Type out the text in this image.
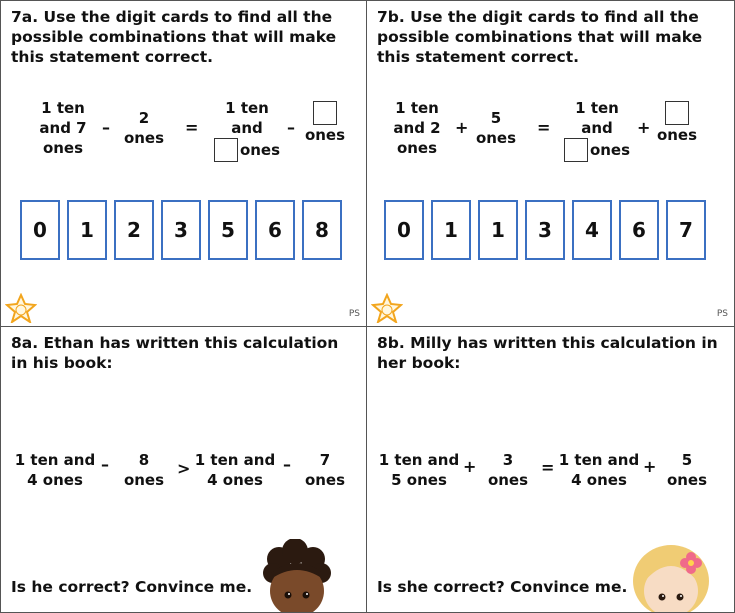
7a. Use the digit cards to find all the possible combinations that will make this statement correct.
1 ten
and 7
ones
–	2
ones
=
1 ten
and
ones
– ones
0	1	2	3	5	6	8
PS
7b. Use the digit cards to find all the possible combinations that will make this statement correct.
1 ten
and 2
ones
+	5
ones
=
1 ten
and
ones
+ ones
0	1	1	3	4	6	7
PS
8a. Ethan has written this calculation in his book:
1 ten and
4 ones
–	8
ones
> 1 ten and
4 ones
–	7
ones
Is he correct? Convince me.
8b. Milly has written this calculation in her book:
1 ten and
5 ones
+	3
ones
= 1 ten and
4 ones
+	5
ones
Is she correct? Convince me.
